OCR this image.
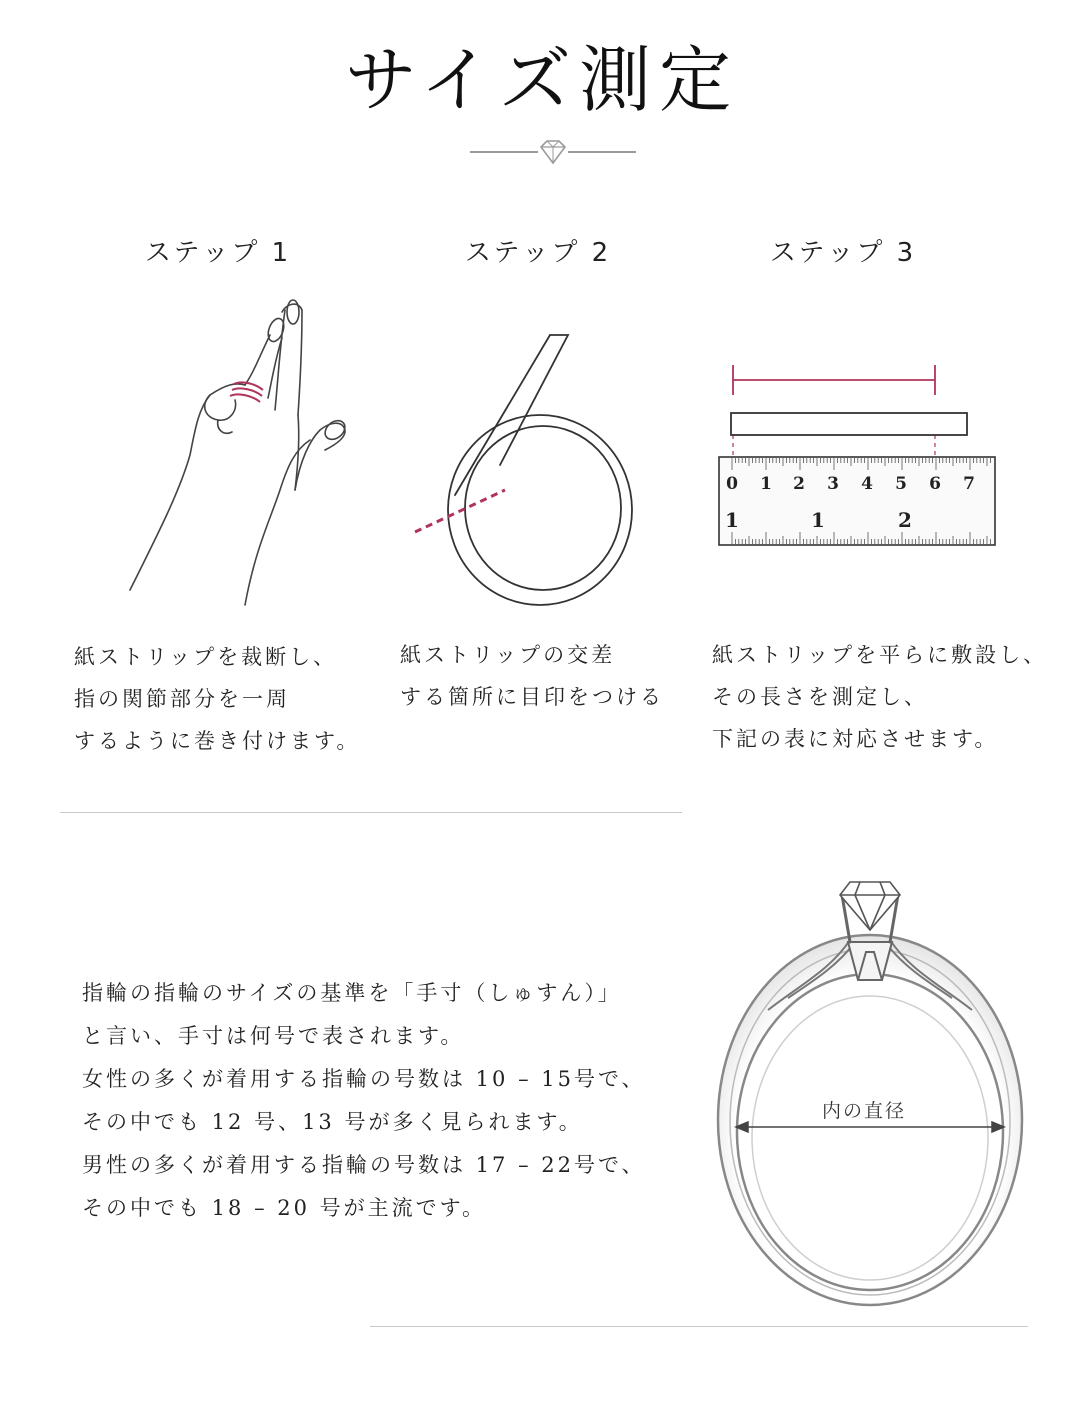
サイズ測定
ステップ 1	ステップ 2	ステップ 3
0 1 2 3 4 5 6 7
1	1	2
紙ストリップを裁断し、
指の関節部分を一周
するように巻き付けます。
紙ストリップの交差
する箇所に目印をつける
紙ストリップを平らに敷設し、
その長さを測定し、
下記の表に対応させます。
指輪の指輪のサイズの基準を「手寸（しゅすん）」
と言い、手寸は何号で表されます。
女性の多くが着用する指輪の号数は 10 – 15号で、
その中でも 12 号、13 号が多く見られます。
男性の多くが着用する指輪の号数は 17 – 22号で、
その中でも 18 – 20 号が主流です。
内の直径
